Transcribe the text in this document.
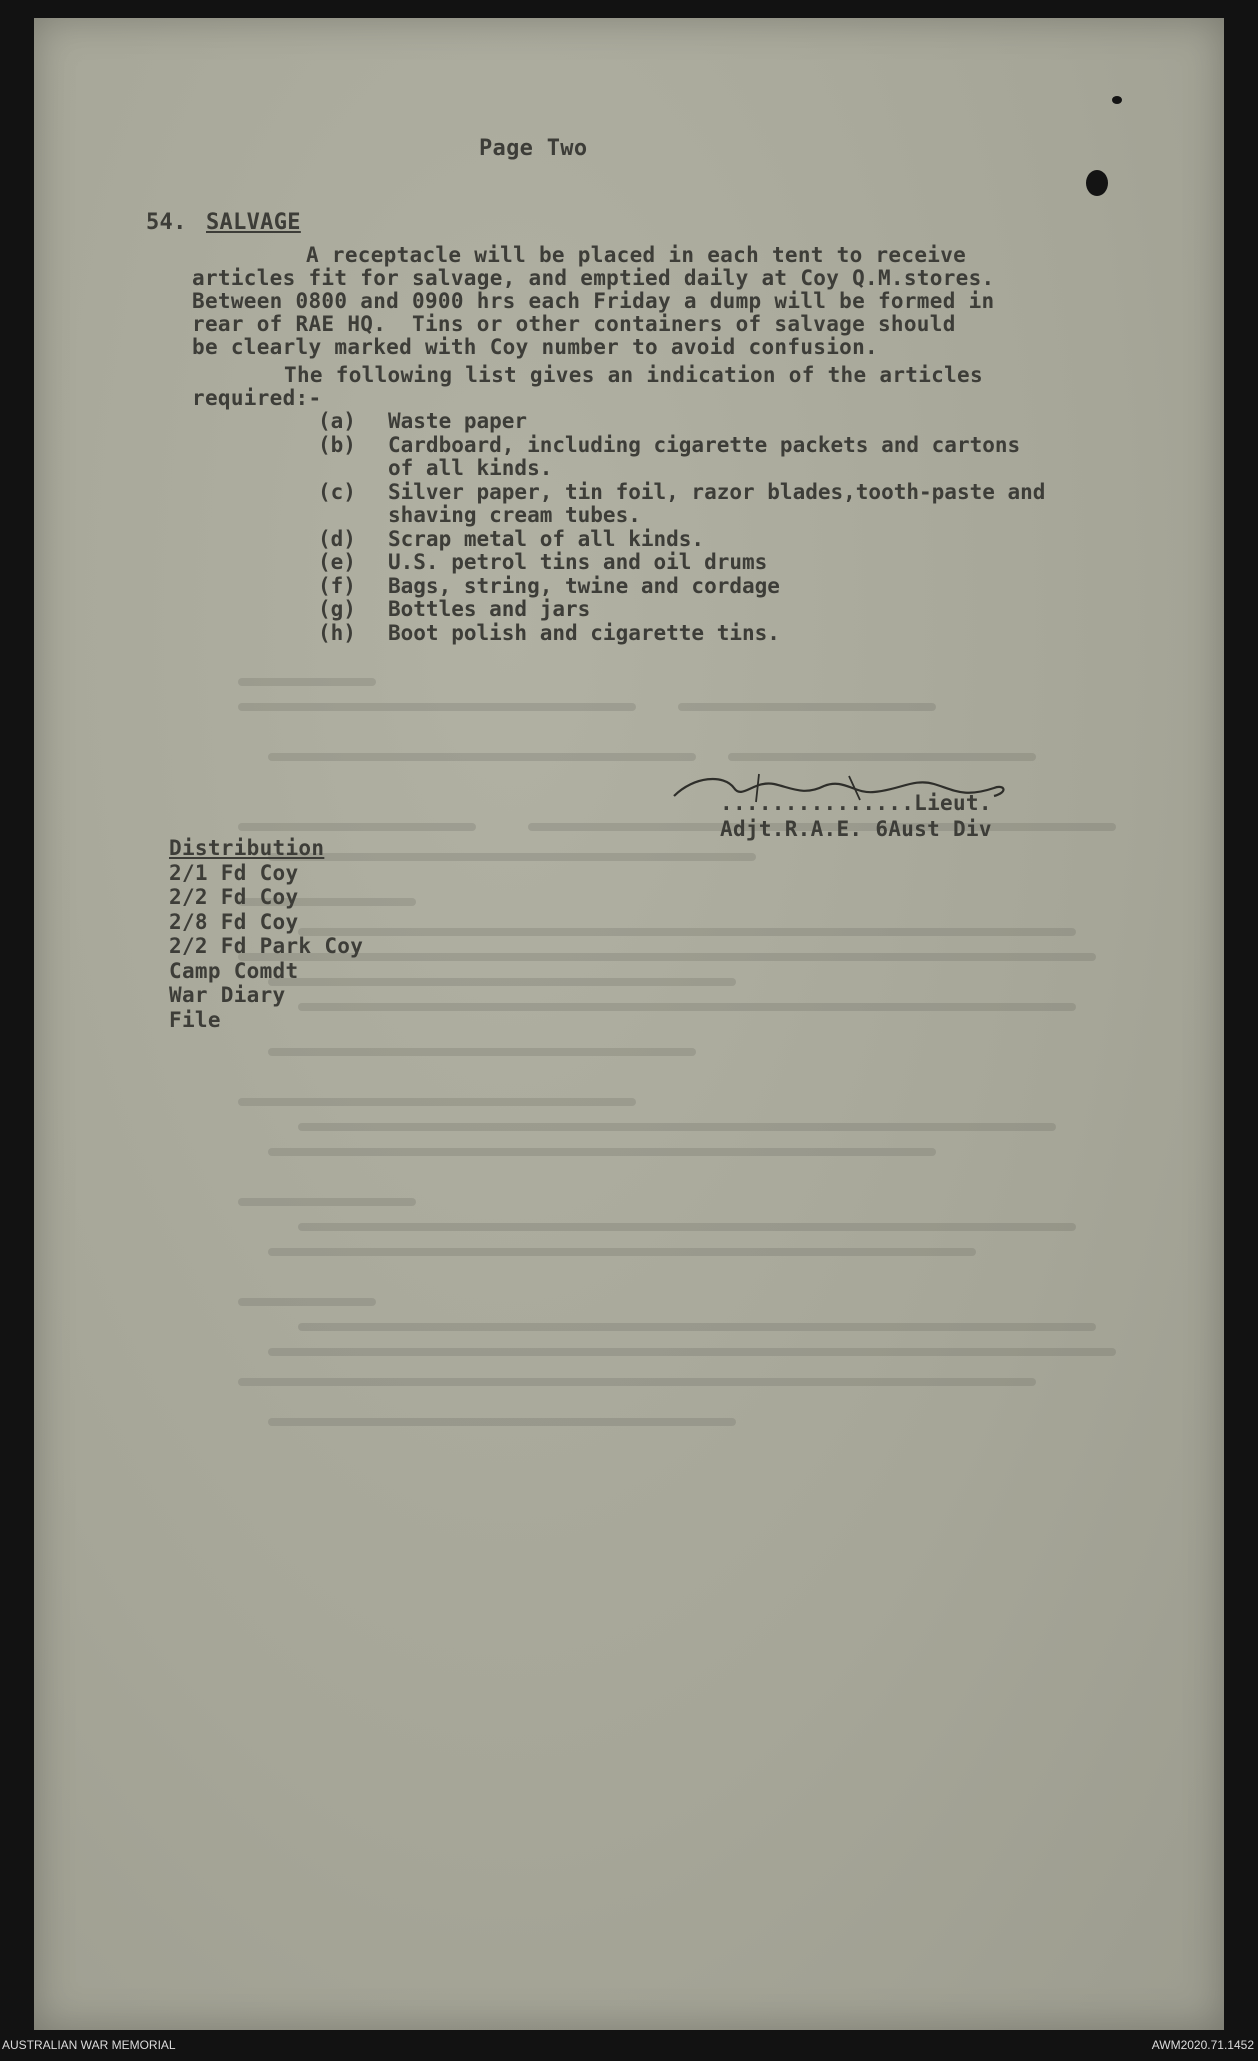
Page Two
54. SALVAGE
A receptacle will be placed in each tent to receive
articles fit for salvage, and emptied daily at Coy Q.M.stores.
Between 0800 and 0900 hrs each Friday a dump will be formed in
rear of RAE HQ.  Tins or other containers of salvage should
be clearly marked with Coy number to avoid confusion.
The following list gives an indication of the articles
required:-
(a)	Waste paper
(b)	Cardboard, including cigarette packets and cartons
of all kinds.
(c)	Silver paper, tin foil, razor blades,tooth-paste and
shaving cream tubes.
(d)	Scrap metal of all kinds.
(e)	U.S. petrol tins and oil drums
(f)	Bags, string, twine and cordage
(g)	Bottles and jars
(h)	Boot polish and cigarette tins.
...............Lieut.
Adjt.R.A.E. 6Aust Div
Distribution
2/1 Fd Coy
2/2 Fd Coy
2/8 Fd Coy
2/2 Fd Park Coy
Camp Comdt
War Diary
File
AUSTRALIAN WAR MEMORIAL	AWM2020.71.1452
